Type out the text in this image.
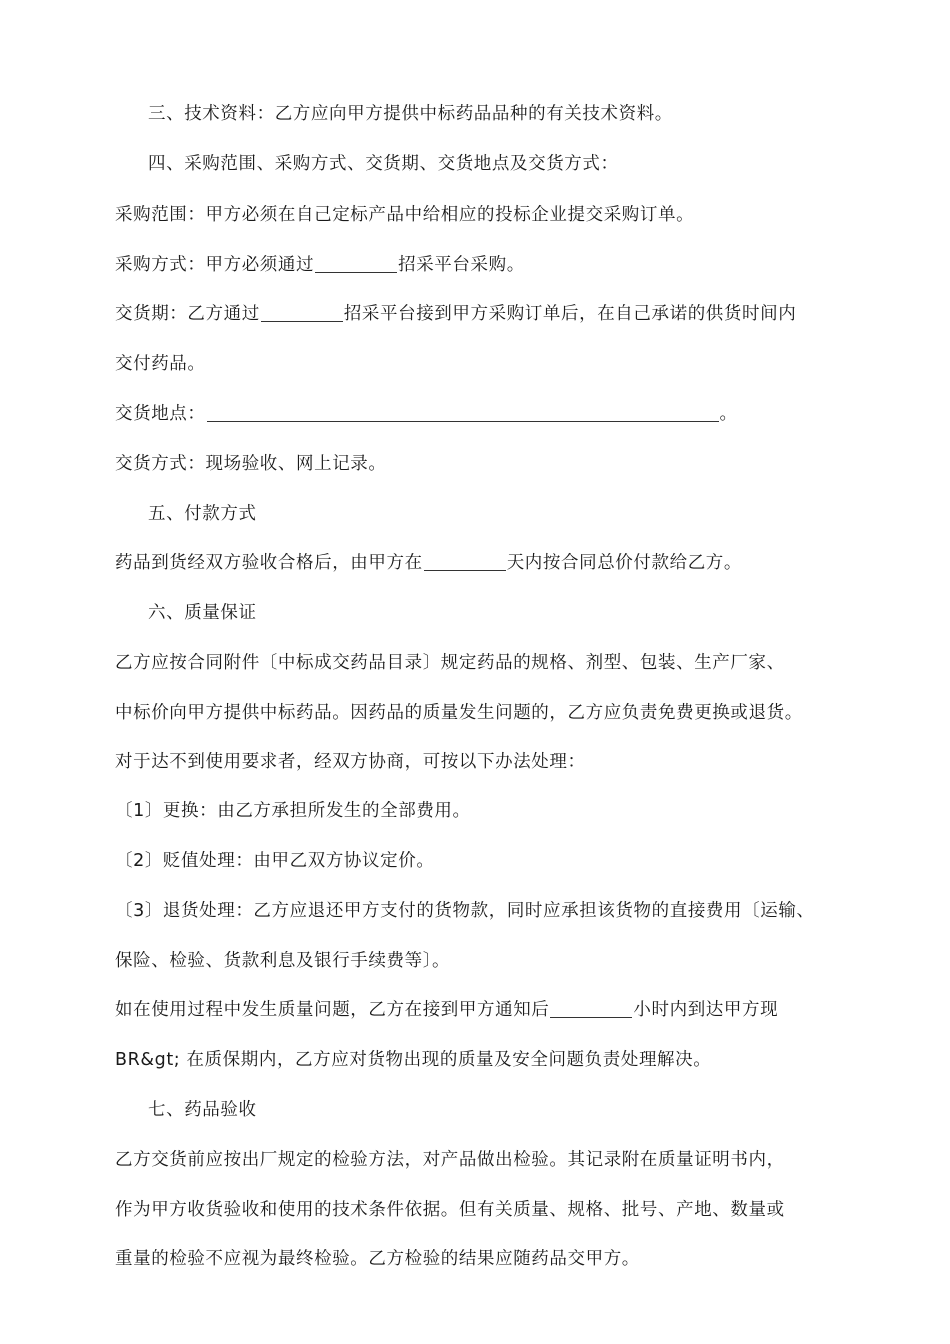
三、技术资料：乙方应向甲方提供中标药品品种的有关技术资料。
四、采购范围、采购方式、交货期、交货地点及交货方式：
采购范围：甲方必须在自己定标产品中给相应的投标企业提交采购订单。
采购方式：甲方必须通过	招采平台采购。
交货期：乙方通过	招采平台接到甲方采购订单后，在自己承诺的供货时间内
交付药品。
交货地点：	。
交货方式：现场验收、网上记录。
五、付款方式
药品到货经双方验收合格后，由甲方在	天内按合同总价付款给乙方。
六、质量保证
乙方应按合同附件〔中标成交药品目录〕规定药品的规格、剂型、包装、生产厂家、
中标价向甲方提供中标药品。因药品的质量发生问题的，乙方应负责免费更换或退货。
对于达不到使用要求者，经双方协商，可按以下办法处理：
〔1〕更换：由乙方承担所发生的全部费用。
〔2〕贬值处理：由甲乙双方协议定价。
〔3〕退货处理：乙方应退还甲方支付的货物款，同时应承担该货物的直接费用〔运输、
保险、检验、货款利息及银行手续费等〕。
如在使用过程中发生质量问题，乙方在接到甲方通知后	小时内到达甲方现
BR&gt; 在质保期内，乙方应对货物出现的质量及安全问题负责处理解决。
七、药品验收
乙方交货前应按出厂规定的检验方法，对产品做出检验。其记录附在质量证明书内，
作为甲方收货验收和使用的技术条件依据。但有关质量、规格、批号、产地、数量或
重量的检验不应视为最终检验。乙方检验的结果应随药品交甲方。
